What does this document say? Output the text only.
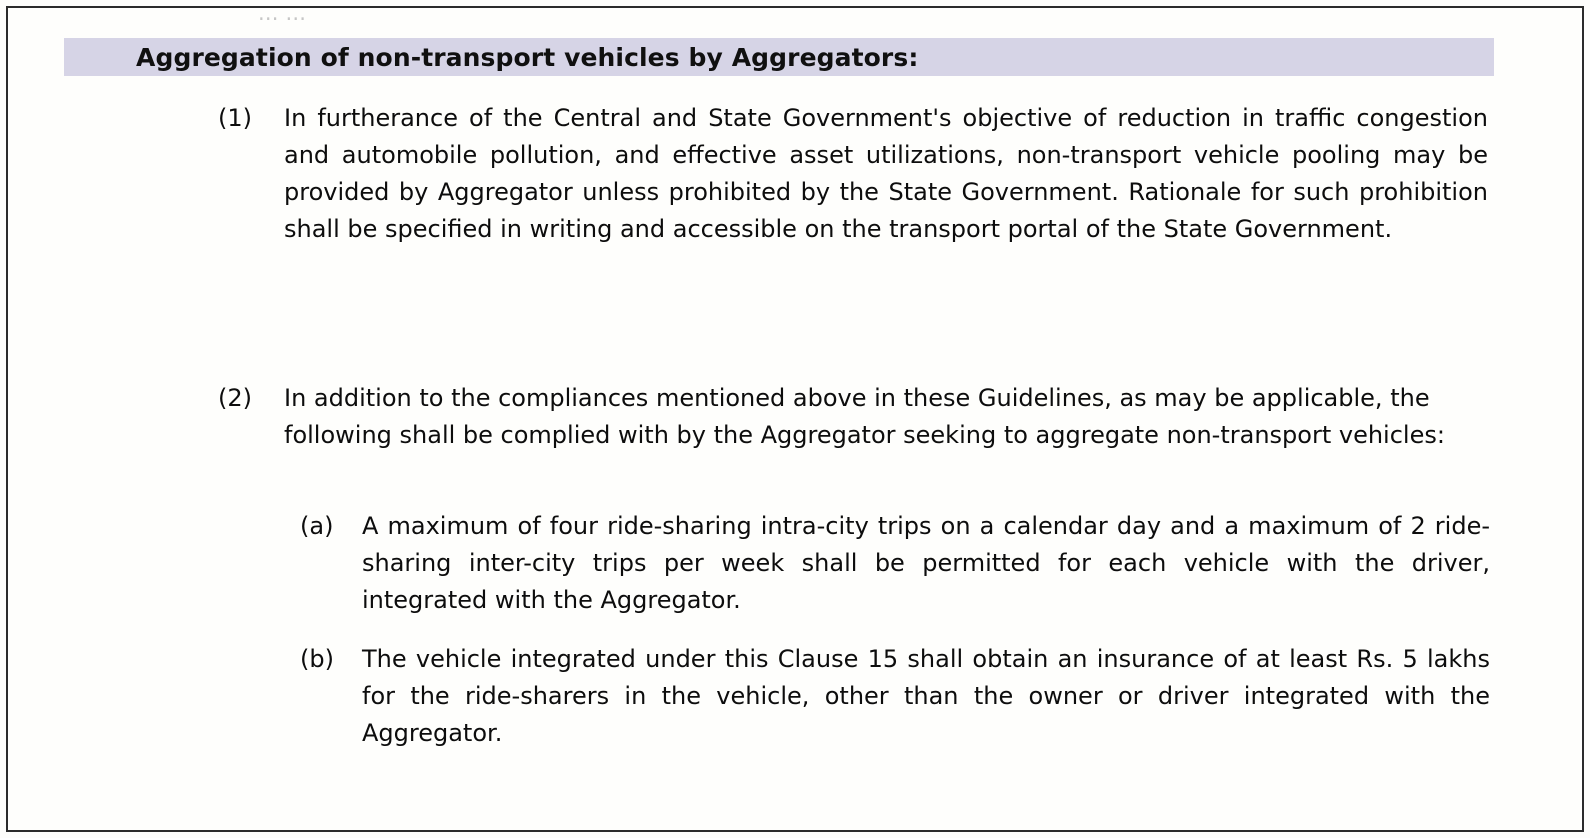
... ...
Aggregation of non-transport vehicles by Aggregators:
(1)	In furtherance of the Central and State Government's objective of reduction in traffic congestion and automobile pollution, and effective asset utilizations, non-transport vehicle pooling may be provided by Aggregator unless prohibited by the State Government. Rationale for such prohibition shall be specified in writing and accessible on the transport portal of the State Government.
(2)	In addition to the compliances mentioned above in these Guidelines, as may be applicable, the following shall be complied with by the Aggregator seeking to aggregate non-transport vehicles:
(a)	A maximum of four ride-sharing intra-city trips on a calendar day and a maximum of 2 ride-sharing inter-city trips per week shall be permitted for each vehicle with the driver, integrated with the Aggregator.
(b)	The vehicle integrated under this Clause 15 shall obtain an insurance of at least Rs. 5 lakhs for the ride-sharers in the vehicle, other than the owner or driver integrated with the Aggregator.
